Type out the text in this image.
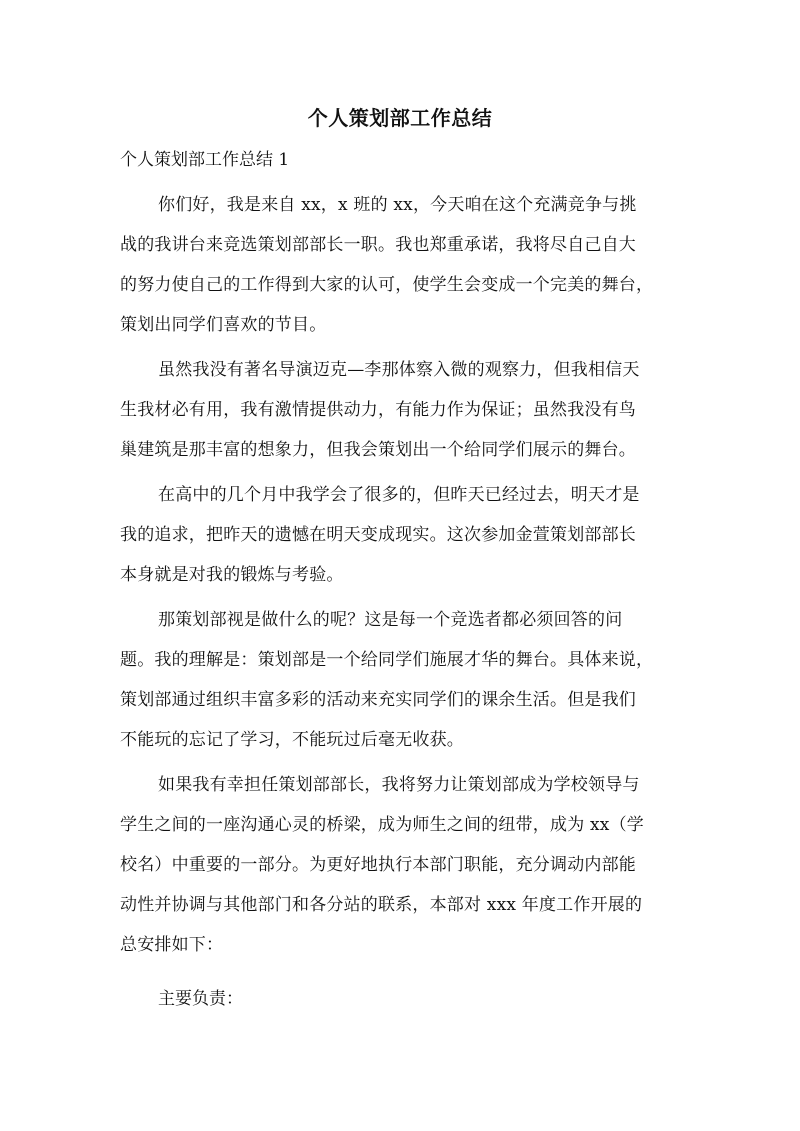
个人策划部工作总结
个人策划部工作总结 1
你们好，我是来自 xx，x 班的 xx，今天咱在这个充满竞争与挑
战的我讲台来竞选策划部部长一职。我也郑重承诺，我将尽自己自大
的努力使自己的工作得到大家的认可，使学生会变成一个完美的舞台，
策划出同学们喜欢的节目。
虽然我没有著名导演迈克—李那体察入微的观察力，但我相信天
生我材必有用，我有激情提供动力，有能力作为保证；虽然我没有鸟
巢建筑是那丰富的想象力，但我会策划出一个给同学们展示的舞台。
在高中的几个月中我学会了很多的，但昨天已经过去，明天才是
我的追求，把昨天的遗憾在明天变成现实。这次参加金萱策划部部长
本身就是对我的锻炼与考验。
那策划部视是做什么的呢？这是每一个竞选者都必须回答的问
题。我的理解是：策划部是一个给同学们施展才华的舞台。具体来说，
策划部通过组织丰富多彩的活动来充实同学们的课余生活。但是我们
不能玩的忘记了学习，不能玩过后毫无收获。
如果我有幸担任策划部部长，我将努力让策划部成为学校领导与
学生之间的一座沟通心灵的桥梁，成为师生之间的纽带，成为 xx（学
校名）中重要的一部分。为更好地执行本部门职能，充分调动内部能
动性并协调与其他部门和各分站的联系，本部对 xxx 年度工作开展的
总安排如下：
主要负责：
